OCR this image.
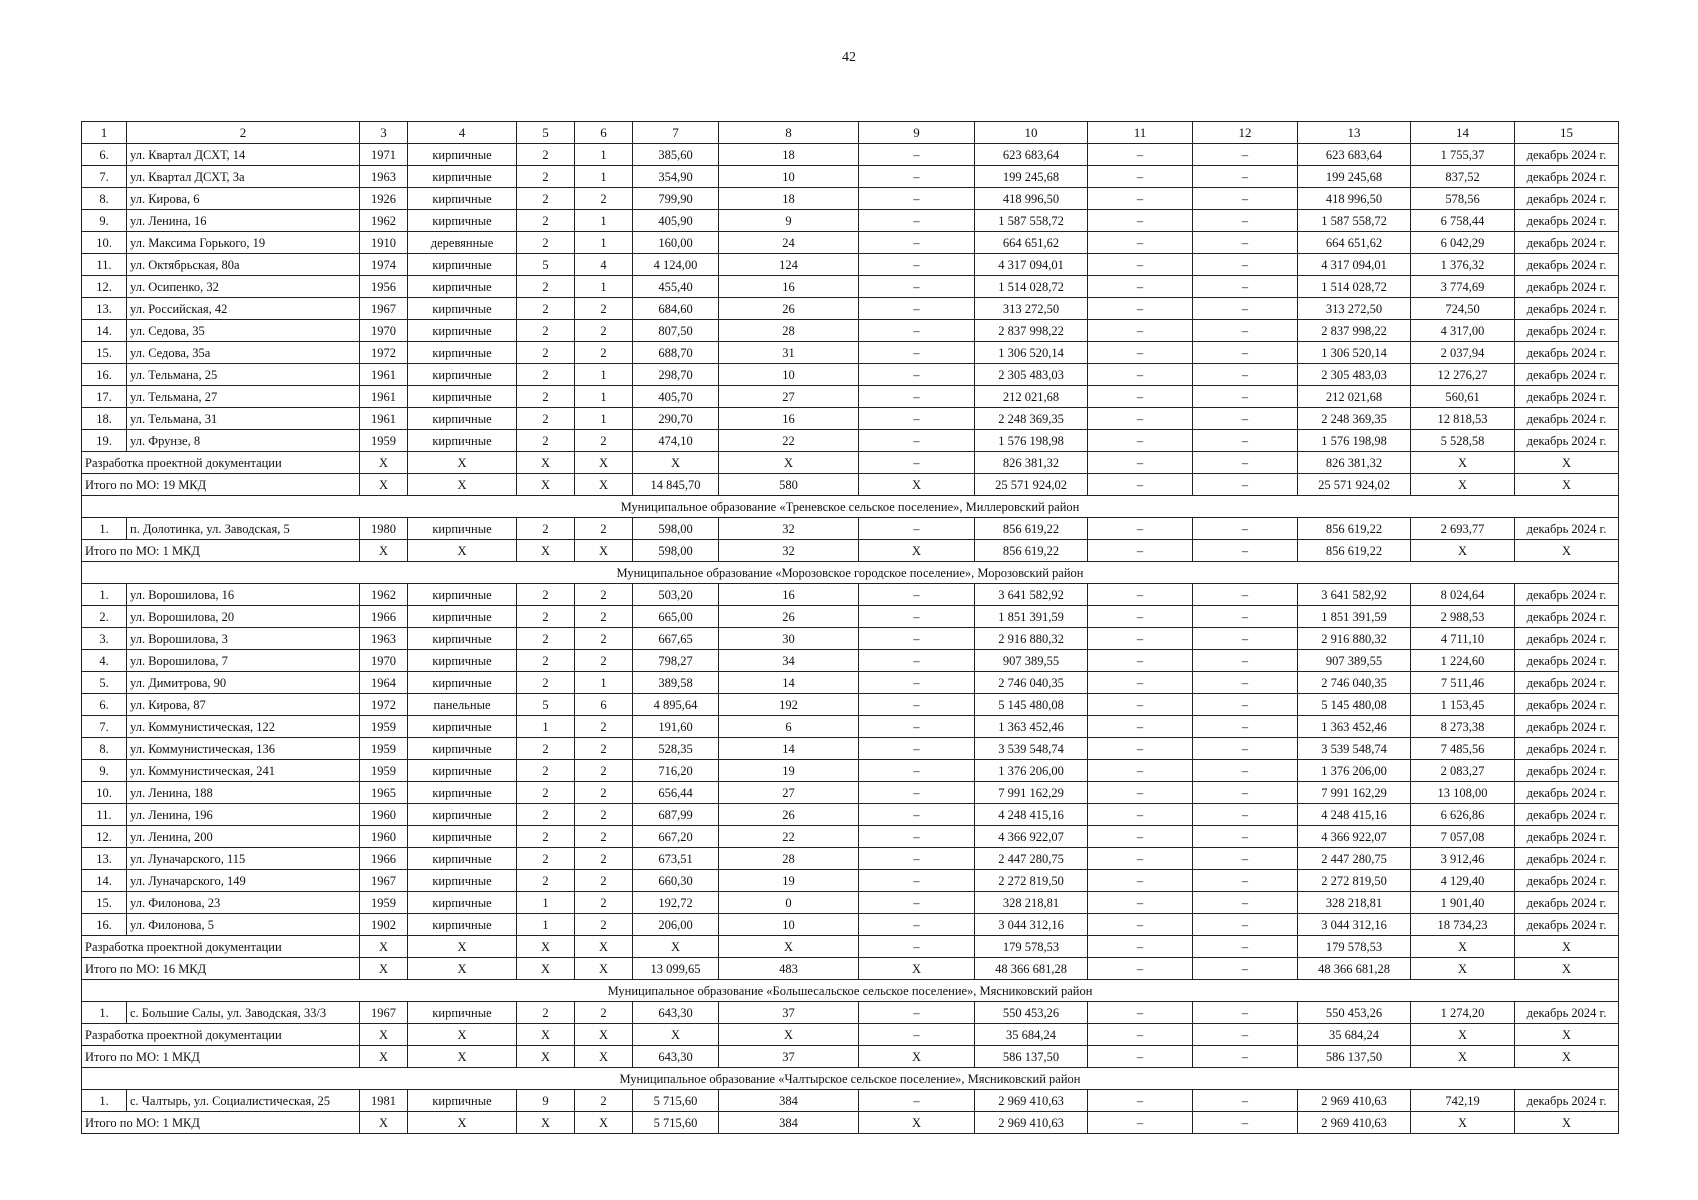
42
1	2	3	4	5	6	7	8	9	10	11	12	13	14	15
6.	ул. Квартал ДСХТ, 14	1971	кирпичные	2	1	385,60	18	–	623 683,64	–	–	623 683,64	1 755,37	декабрь 2024 г.
7.	ул. Квартал ДСХТ, 3а	1963	кирпичные	2	1	354,90	10	–	199 245,68	–	–	199 245,68	837,52	декабрь 2024 г.
8.	ул. Кирова, 6	1926	кирпичные	2	2	799,90	18	–	418 996,50	–	–	418 996,50	578,56	декабрь 2024 г.
9.	ул. Ленина, 16	1962	кирпичные	2	1	405,90	9	–	1 587 558,72	–	–	1 587 558,72	6 758,44	декабрь 2024 г.
10.	ул. Максима Горького, 19	1910	деревянные	2	1	160,00	24	–	664 651,62	–	–	664 651,62	6 042,29	декабрь 2024 г.
11.	ул. Октябрьская, 80а	1974	кирпичные	5	4	4 124,00	124	–	4 317 094,01	–	–	4 317 094,01	1 376,32	декабрь 2024 г.
12.	ул. Осипенко, 32	1956	кирпичные	2	1	455,40	16	–	1 514 028,72	–	–	1 514 028,72	3 774,69	декабрь 2024 г.
13.	ул. Российская, 42	1967	кирпичные	2	2	684,60	26	–	313 272,50	–	–	313 272,50	724,50	декабрь 2024 г.
14.	ул. Седова, 35	1970	кирпичные	2	2	807,50	28	–	2 837 998,22	–	–	2 837 998,22	4 317,00	декабрь 2024 г.
15.	ул. Седова, 35а	1972	кирпичные	2	2	688,70	31	–	1 306 520,14	–	–	1 306 520,14	2 037,94	декабрь 2024 г.
16.	ул. Тельмана, 25	1961	кирпичные	2	1	298,70	10	–	2 305 483,03	–	–	2 305 483,03	12 276,27	декабрь 2024 г.
17.	ул. Тельмана, 27	1961	кирпичные	2	1	405,70	27	–	212 021,68	–	–	212 021,68	560,61	декабрь 2024 г.
18.	ул. Тельмана, 31	1961	кирпичные	2	1	290,70	16	–	2 248 369,35	–	–	2 248 369,35	12 818,53	декабрь 2024 г.
19.	ул. Фрунзе, 8	1959	кирпичные	2	2	474,10	22	–	1 576 198,98	–	–	1 576 198,98	5 528,58	декабрь 2024 г.
Разработка проектной документации		X	X	X	X	X	X	–	826 381,32	–	–	826 381,32	X	X
Итого по МО: 19 МКД		X	X	X	X	14 845,70	580	X	25 571 924,02	–	–	25 571 924,02	X	X
Муниципальное образование «Треневское сельское поселение», Миллеровский район														
1.	п. Долотинка, ул. Заводская, 5	1980	кирпичные	2	2	598,00	32	–	856 619,22	–	–	856 619,22	2 693,77	декабрь 2024 г.
Итого по МО: 1 МКД		X	X	X	X	598,00	32	X	856 619,22	–	–	856 619,22	X	X
Муниципальное образование «Морозовское городское поселение», Морозовский район														
1.	ул. Ворошилова, 16	1962	кирпичные	2	2	503,20	16	–	3 641 582,92	–	–	3 641 582,92	8 024,64	декабрь 2024 г.
2.	ул. Ворошилова, 20	1966	кирпичные	2	2	665,00	26	–	1 851 391,59	–	–	1 851 391,59	2 988,53	декабрь 2024 г.
3.	ул. Ворошилова, 3	1963	кирпичные	2	2	667,65	30	–	2 916 880,32	–	–	2 916 880,32	4 711,10	декабрь 2024 г.
4.	ул. Ворошилова, 7	1970	кирпичные	2	2	798,27	34	–	907 389,55	–	–	907 389,55	1 224,60	декабрь 2024 г.
5.	ул. Димитрова, 90	1964	кирпичные	2	1	389,58	14	–	2 746 040,35	–	–	2 746 040,35	7 511,46	декабрь 2024 г.
6.	ул. Кирова, 87	1972	панельные	5	6	4 895,64	192	–	5 145 480,08	–	–	5 145 480,08	1 153,45	декабрь 2024 г.
7.	ул. Коммунистическая, 122	1959	кирпичные	1	2	191,60	6	–	1 363 452,46	–	–	1 363 452,46	8 273,38	декабрь 2024 г.
8.	ул. Коммунистическая, 136	1959	кирпичные	2	2	528,35	14	–	3 539 548,74	–	–	3 539 548,74	7 485,56	декабрь 2024 г.
9.	ул. Коммунистическая, 241	1959	кирпичные	2	2	716,20	19	–	1 376 206,00	–	–	1 376 206,00	2 083,27	декабрь 2024 г.
10.	ул. Ленина, 188	1965	кирпичные	2	2	656,44	27	–	7 991 162,29	–	–	7 991 162,29	13 108,00	декабрь 2024 г.
11.	ул. Ленина, 196	1960	кирпичные	2	2	687,99	26	–	4 248 415,16	–	–	4 248 415,16	6 626,86	декабрь 2024 г.
12.	ул. Ленина, 200	1960	кирпичные	2	2	667,20	22	–	4 366 922,07	–	–	4 366 922,07	7 057,08	декабрь 2024 г.
13.	ул. Луначарского, 115	1966	кирпичные	2	2	673,51	28	–	2 447 280,75	–	–	2 447 280,75	3 912,46	декабрь 2024 г.
14.	ул. Луначарского, 149	1967	кирпичные	2	2	660,30	19	–	2 272 819,50	–	–	2 272 819,50	4 129,40	декабрь 2024 г.
15.	ул. Филонова, 23	1959	кирпичные	1	2	192,72	0	–	328 218,81	–	–	328 218,81	1 901,40	декабрь 2024 г.
16.	ул. Филонова, 5	1902	кирпичные	1	2	206,00	10	–	3 044 312,16	–	–	3 044 312,16	18 734,23	декабрь 2024 г.
Разработка проектной документации		X	X	X	X	X	X	–	179 578,53	–	–	179 578,53	X	X
Итого по МО: 16 МКД		X	X	X	X	13 099,65	483	X	48 366 681,28	–	–	48 366 681,28	X	X
Муниципальное образование «Большесальское сельское поселение», Мясниковский район														
1.	с. Большие Салы, ул. Заводская, 33/3	1967	кирпичные	2	2	643,30	37	–	550 453,26	–	–	550 453,26	1 274,20	декабрь 2024 г.
Разработка проектной документации		X	X	X	X	X	X	–	35 684,24	–	–	35 684,24	X	X
Итого по МО: 1 МКД		X	X	X	X	643,30	37	X	586 137,50	–	–	586 137,50	X	X
Муниципальное образование «Чалтырское сельское поселение», Мясниковский район														
1.	с. Чалтырь, ул. Социалистическая, 25	1981	кирпичные	9	2	5 715,60	384	–	2 969 410,63	–	–	2 969 410,63	742,19	декабрь 2024 г.
Итого по МО: 1 МКД		X	X	X	X	5 715,60	384	X	2 969 410,63	–	–	2 969 410,63	X	X
